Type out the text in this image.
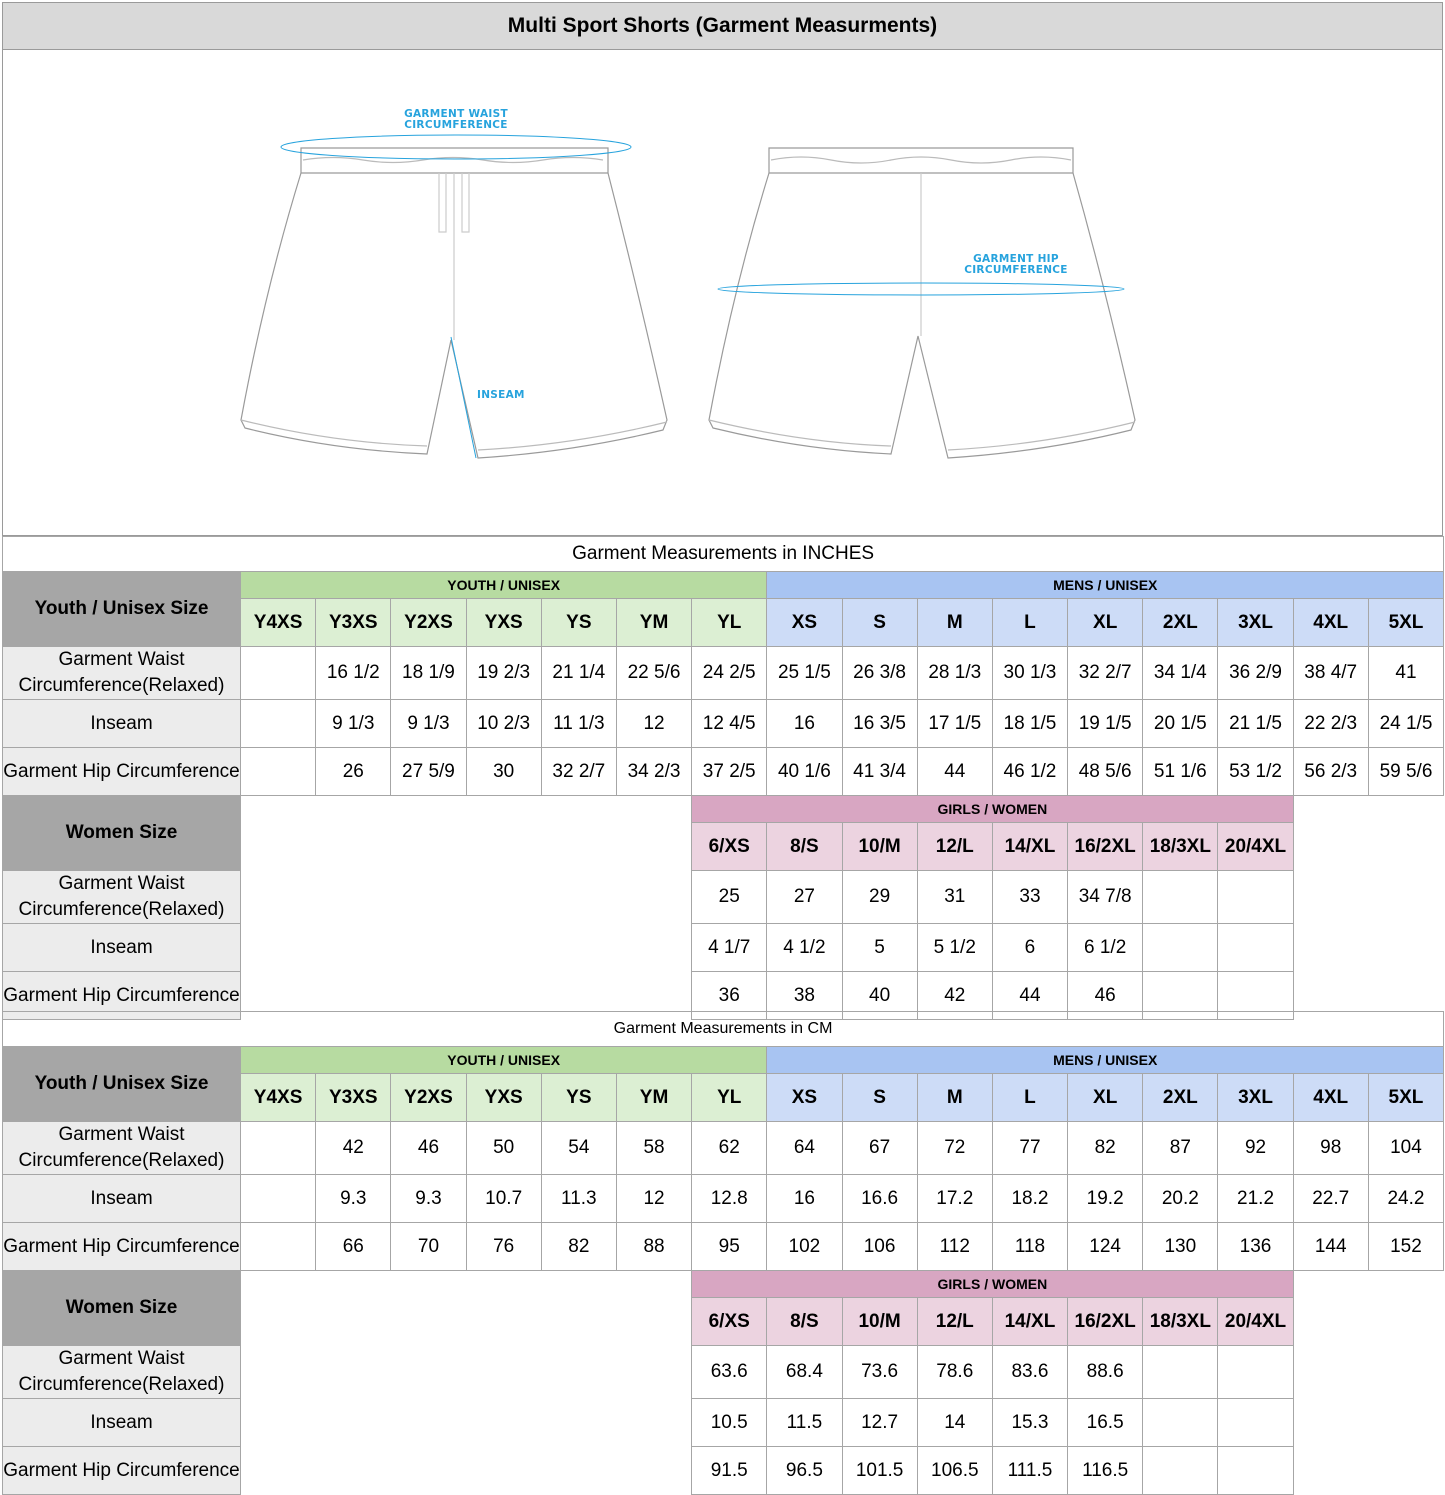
Multi Sport Shorts (Garment Measurments)
GARMENT WAIST
CIRCUMFERENCE
INSEAM
GARMENT HIP
CIRCUMFERENCE
Garment Measurements in INCHES																
Youth / Unisex Size	YOUTH / UNISEX							MENS / UNISEX								
	Y4XS	Y3XS	Y2XS	YXS	YS	YM	YL	XS	S	M	L	XL	2XL	3XL	4XL	5XL
Garment Waist Circumference(Relaxed)		16 1/2	18 1/9	19 2/3	21 1/4	22 5/6	24 2/5	25 1/5	26 3/8	28 1/3	30 1/3	32 2/7	34 1/4	36 2/9	38 4/7	41
Inseam		9 1/3	9 1/3	10 2/3	11 1/3	12	12 4/5	16	16 3/5	17 1/5	18 1/5	19 1/5	20 1/5	21 1/5	22 2/3	24 1/5
Garment Hip Circumference		26	27 5/9	30	32 2/7	34 2/3	37 2/5	40 1/6	41 3/4	44	46 1/2	48 5/6	51 1/6	53 1/2	56 2/3	59 5/6
Women Size							GIRLS / WOMEN									
							6/XS	8/S	10/M	12/L	14/XL	16/2XL	18/3XL	20/4XL		
Garment Waist Circumference(Relaxed)							25	27	29	31	33	34 7/8				
Inseam							4 1/7	4 1/2	5	5 1/2	6	6 1/2				
Garment Hip Circumference							36	38	40	42	44	46				
Garment Measurements in CM																
Youth / Unisex Size	YOUTH / UNISEX							MENS / UNISEX								
	Y4XS	Y3XS	Y2XS	YXS	YS	YM	YL	XS	S	M	L	XL	2XL	3XL	4XL	5XL
Garment Waist Circumference(Relaxed)		42	46	50	54	58	62	64	67	72	77	82	87	92	98	104
Inseam		9.3	9.3	10.7	11.3	12	12.8	16	16.6	17.2	18.2	19.2	20.2	21.2	22.7	24.2
Garment Hip Circumference		66	70	76	82	88	95	102	106	112	118	124	130	136	144	152
Women Size							GIRLS / WOMEN									
							6/XS	8/S	10/M	12/L	14/XL	16/2XL	18/3XL	20/4XL		
Garment Waist Circumference(Relaxed)							63.6	68.4	73.6	78.6	83.6	88.6				
Inseam							10.5	11.5	12.7	14	15.3	16.5				
Garment Hip Circumference							91.5	96.5	101.5	106.5	111.5	116.5				
